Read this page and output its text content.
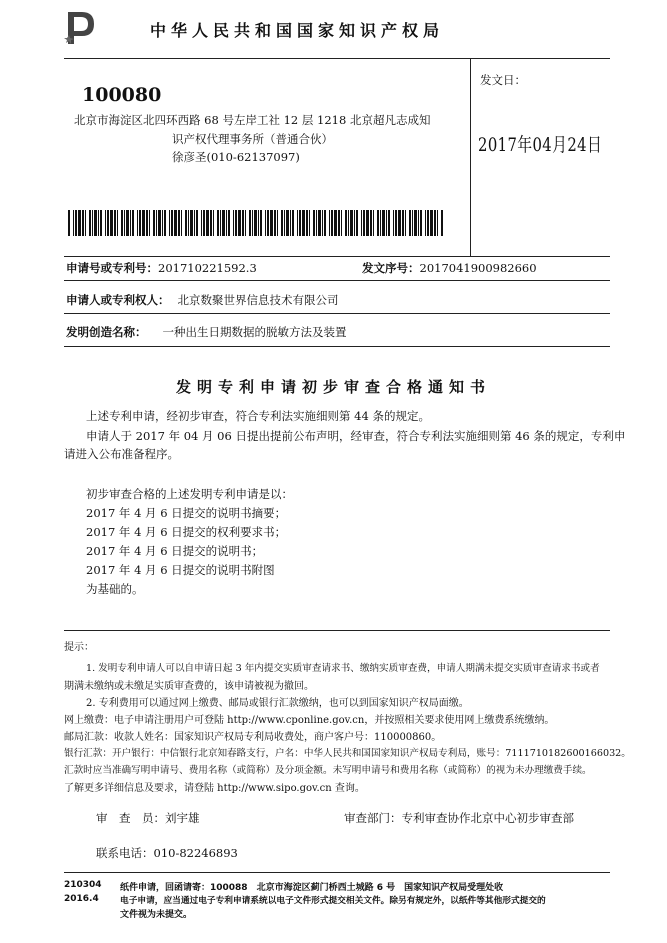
中华人民共和国国家知识产权局
100080
北京市海淀区北四环西路 68 号左岸工社 12 层 1218 北京超凡志成知
识产权代理事务所（普通合伙）
徐彦圣(010-62137097)
发文日：
2017年04月24日
申请号或专利号：201710221592.3	发文序号：2017041900982660
申请人或专利权人： 北京数聚世界信息技术有限公司
发明创造名称： 一种出生日期数据的脱敏方法及装置
发明专利申请初步审查合格通知书
上述专利申请，经初步审查，符合专利法实施细则第 44 条的规定。
申请人于 2017 年 04 月 06 日提出提前公布声明，经审查，符合专利法实施细则第 46 条的规定，专利申
请进入公布准备程序。
初步审查合格的上述发明专利申请是以：
2017 年 4 月 6 日提交的说明书摘要；
2017 年 4 月 6 日提交的权利要求书；
2017 年 4 月 6 日提交的说明书；
2017 年 4 月 6 日提交的说明书附图
为基础的。
提示：
1. 发明专利申请人可以自申请日起 3 年内提交实质审查请求书、缴纳实质审查费，申请人期满未提交实质审查请求书或者
期满未缴纳或未缴足实质审查费的，该申请被视为撤回。
2. 专利费用可以通过网上缴费、邮局或银行汇款缴纳，也可以到国家知识产权局面缴。
网上缴费：电子申请注册用户可登陆 http://www.cponline.gov.cn，并按照相关要求使用网上缴费系统缴纳。
邮局汇款：收款人姓名：国家知识产权局专利局收费处，商户客户号：110000860。
银行汇款：开户银行：中信银行北京知春路支行，户名：中华人民共和国国家知识产权局专利局，账号：7111710182600166032。
汇款时应当准确写明申请号、费用名称（或简称）及分项金额。未写明申请号和费用名称（或简称）的视为未办理缴费手续。
了解更多详细信息及要求，请登陆 http://www.sipo.gov.cn 查询。
审　查　员：刘宇雄	审查部门：专利审查协作北京中心初步审查部
联系电话：010-82246893
210304
2016.4
纸件申请，回函请寄：100088　北京市海淀区蓟门桥西土城路 6 号　国家知识产权局受理处收
电子申请，应当通过电子专利申请系统以电子文件形式提交相关文件。除另有规定外，以纸件等其他形式提交的
文件视为未提交。
